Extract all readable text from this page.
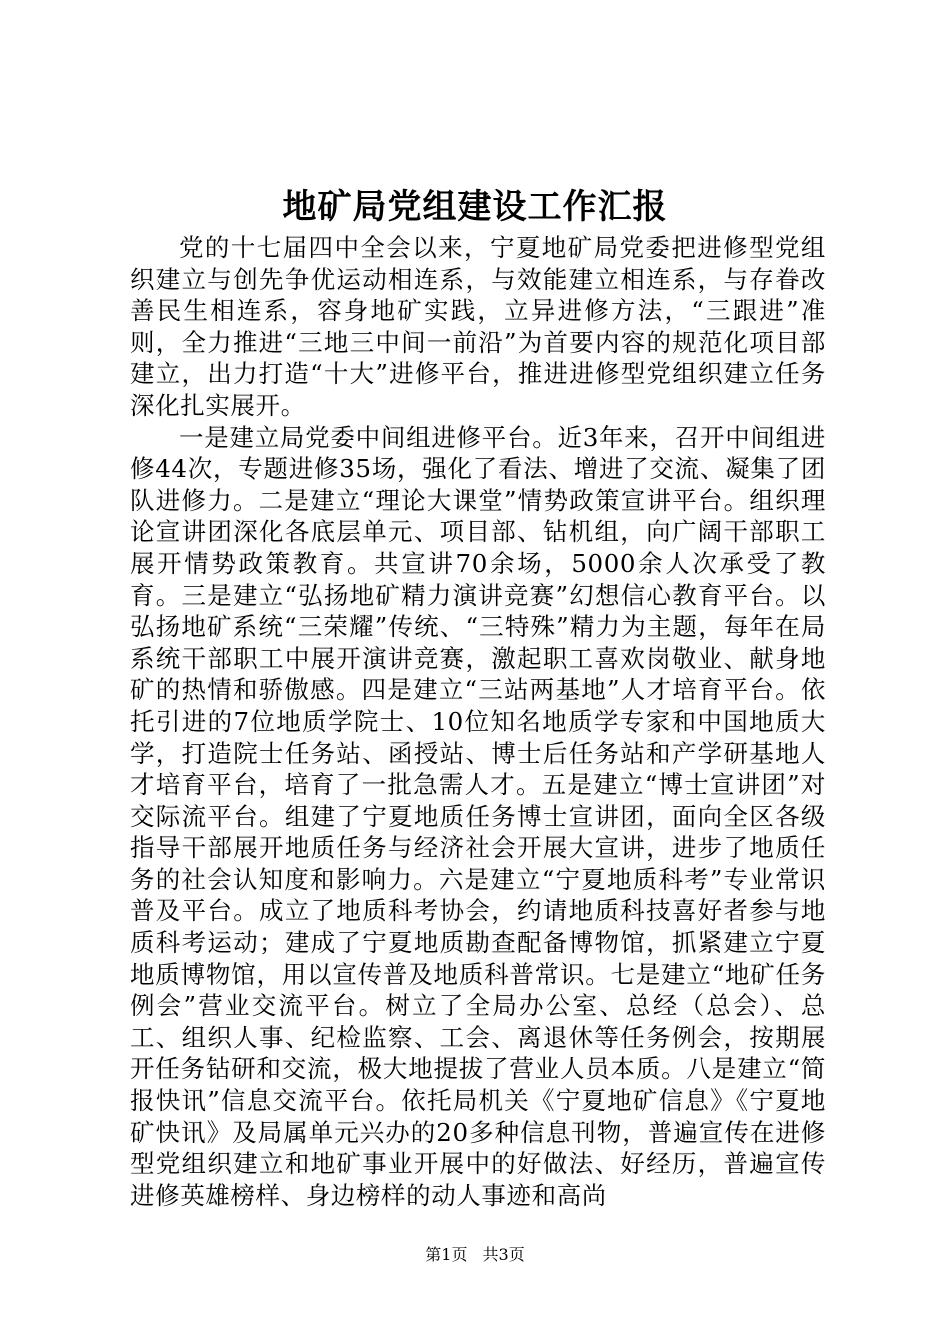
地矿局党组建设工作汇报

党的十七届四中全会以来，宁夏地矿局党委把进修型党组织建立与创先争优运动相连系，与效能建立相连系，与存眷改善民生相连系，容身地矿实践，立异进修方法，“三跟进”准则，全力推进“三地三中间一前沿”为首要内容的规范化项目部建立，出力打造“十大”进修平台，推进进修型党组织建立任务深化扎实展开。

一是建立局党委中间组进修平台。近3年来，召开中间组进修44次，专题进修35场，强化了看法、增进了交流、凝集了团队进修力。二是建立“理论大课堂”情势政策宣讲平台。组织理论宣讲团深化各底层单元、项目部、钻机组，向广阔干部职工展开情势政策教育。共宣讲70余场，5000余人次承受了教育。三是建立“弘扬地矿精力演讲竞赛”幻想信心教育平台。以弘扬地矿系统“三荣耀”传统、“三特殊”精力为主题，每年在局系统干部职工中展开演讲竞赛，激起职工喜欢岗敬业、献身地矿的热情和骄傲感。四是建立“三站两基地”人才培育平台。依托引进的7位地质学院士、10位知名地质学专家和中国地质大学，打造院士任务站、函授站、博士后任务站和产学研基地人才培育平台，培育了一批急需人才。五是建立“博士宣讲团”对交际流平台。组建了宁夏地质任务博士宣讲团，面向全区各级指导干部展开地质任务与经济社会开展大宣讲，进步了地质任务的社会认知度和影响力。六是建立“宁夏地质科考”专业常识普及平台。成立了地质科考协会，约请地质科技喜好者参与地质科考运动；建成了宁夏地质勘查配备博物馆，抓紧建立宁夏地质博物馆，用以宣传普及地质科普常识。七是建立“地矿任务例会”营业交流平台。树立了全局办公室、总经（总会）、总工、组织人事、纪检监察、工会、离退休等任务例会，按期展开任务钻研和交流，极大地提拔了营业人员本质。八是建立“简报快讯”信息交流平台。依托局机关《宁夏地矿信息》《宁夏地矿快讯》及局属单元兴办的20多种信息刊物，普遍宣传在进修型党组织建立和地矿事业开展中的好做法、好经历，普遍宣传进修英雄榜样、身边榜样的动人事迹和高尚

第1页 共3页
